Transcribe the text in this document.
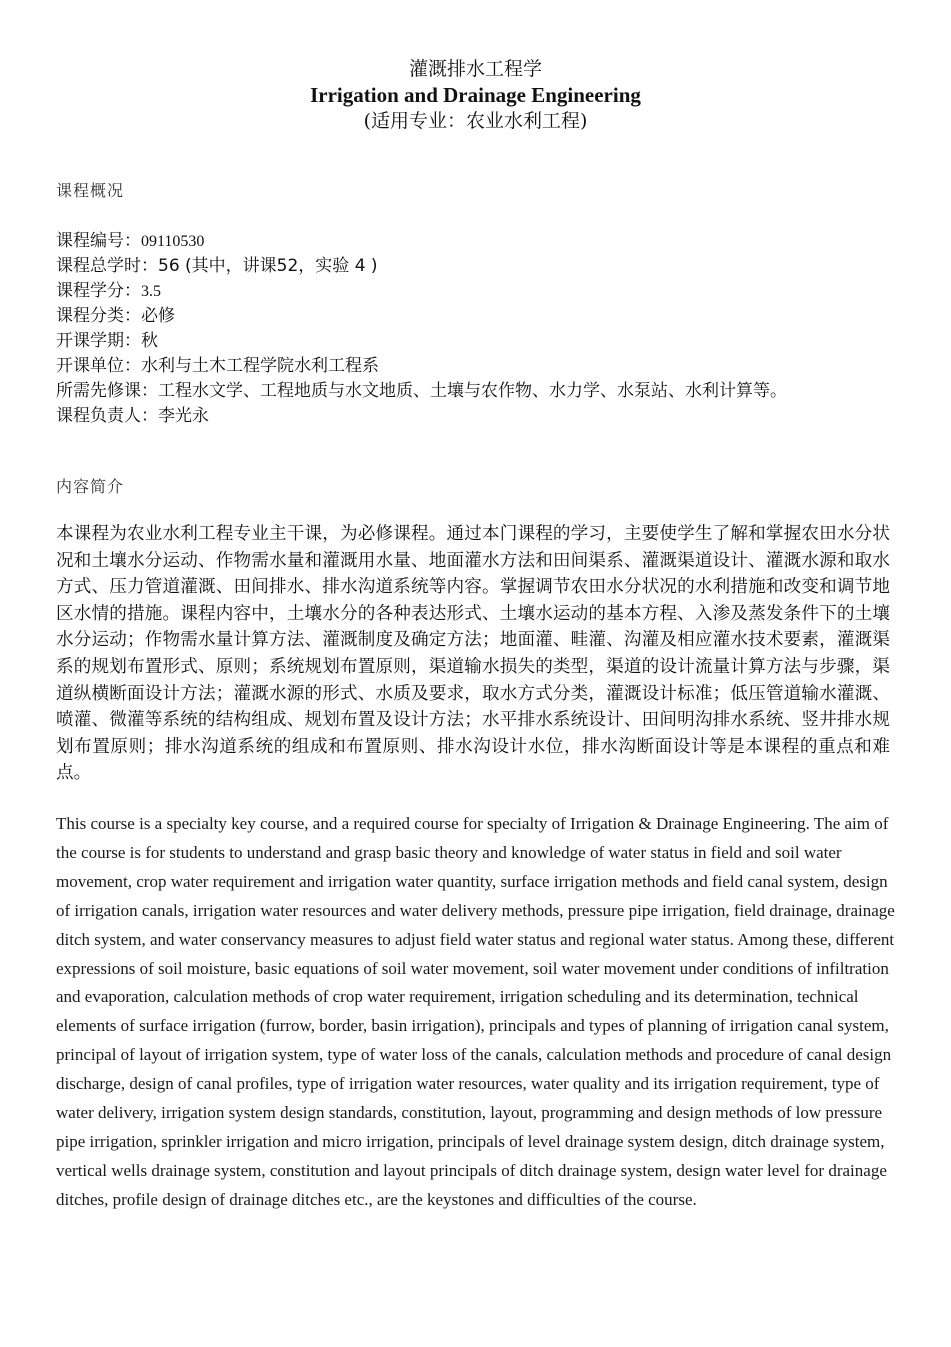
灌溉排水工程学
Irrigation and Drainage Engineering
(适用专业：农业水利工程)
课程概况
课程编号：09110530
课程总学时：56 (其中，讲课52，实验 4 )
课程学分：3.5
课程分类：必修
开课学期：秋
开课单位：水利与土木工程学院水利工程系
所需先修课：工程水文学、工程地质与水文地质、土壤与农作物、水力学、水泵站、水利计算等。
课程负责人：李光永
内容简介

本课程为农业水利工程专业主干课，为必修课程。通过本门课程的学习，主要使学生了解和掌握农田水分状况和土壤水分运动、作物需水量和灌溉用水量、地面灌水方法和田间渠系、灌溉渠道设计、灌溉水源和取水方式、压力管道灌溉、田间排水、排水沟道系统等内容。掌握调节农田水分状况的水利措施和改变和调节地区水情的措施。课程内容中，土壤水分的各种表达形式、土壤水运动的基本方程、入渗及蒸发条件下的土壤水分运动；作物需水量计算方法、灌溉制度及确定方法；地面灌、畦灌、沟灌及相应灌水技术要素，灌溉渠系的规划布置形式、原则；系统规划布置原则，渠道输水损失的类型，渠道的设计流量计算方法与步骤，渠道纵横断面设计方法；灌溉水源的形式、水质及要求，取水方式分类，灌溉设计标准；低压管道输水灌溉、喷灌、微灌等系统的结构组成、规划布置及设计方法；水平排水系统设计、田间明沟排水系统、竖井排水规划布置原则；排水沟道系统的组成和布置原则、排水沟设计水位，排水沟断面设计等是本课程的重点和难点。

This course is a specialty key course, and a required course for specialty of Irrigation & Drainage Engineering. The aim of the course is for students to understand and grasp basic theory and knowledge of water status in field and soil water movement, crop water requirement and irrigation water quantity, surface irrigation methods and field canal system, design of irrigation canals, irrigation water resources and water delivery methods, pressure pipe irrigation, field drainage, drainage ditch system, and water conservancy measures to adjust field water status and regional water status. Among these, different expressions of soil moisture, basic equations of soil water movement, soil water movement under conditions of infiltration and evaporation, calculation methods of crop water requirement, irrigation scheduling and its determination, technical elements of surface irrigation (furrow, border, basin irrigation), principals and types of planning of irrigation canal system, principal of layout of irrigation system, type of water loss of the canals, calculation methods and procedure of canal design discharge, design of canal profiles, type of irrigation water resources, water quality and its irrigation requirement, type of water delivery, irrigation system design standards, constitution, layout, programming and design methods of low pressure pipe irrigation, sprinkler irrigation and micro irrigation, principals of level drainage system design, ditch drainage system, vertical wells drainage system, constitution and layout principals of ditch drainage system, design water level for drainage ditches, profile design of drainage ditches etc., are the keystones and difficulties of the course.
